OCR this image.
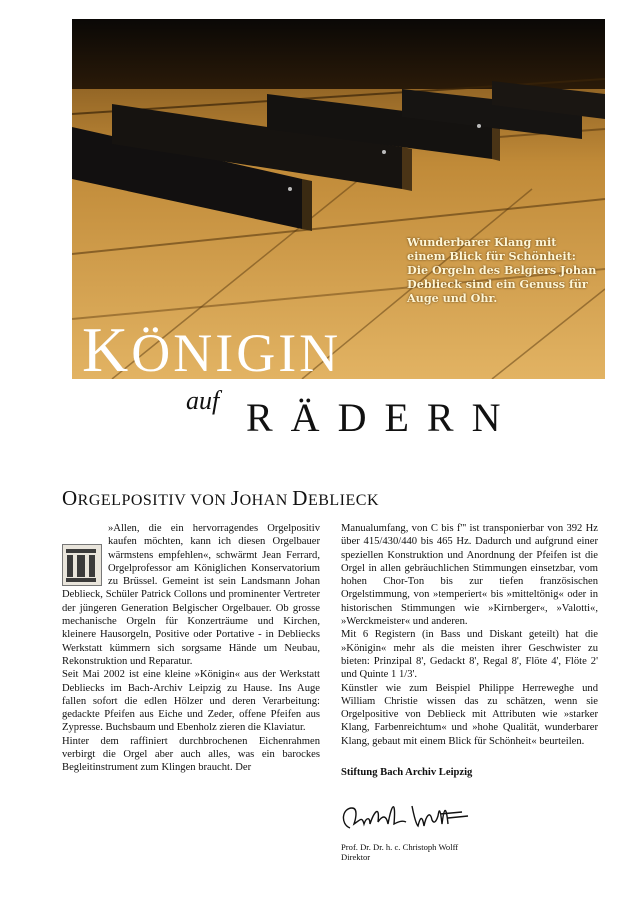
Wunderbarer Klang mit einem Blick für Schönheit: Die Orgeln des Belgiers Johan Deblieck sind ein Genuss für Auge und Ohr.
KÖNIGIN
auf RÄDERN
ORGELPOSITIV VON JOHAN DEBLIECK

»Allen, die ein hervorragendes Orgelpositiv kaufen möchten, kann ich diesen Orgelbauer wärmstens empfehlen«, schwärmt Jean Ferrard, Orgelprofessor am Königlichen Konservatorium zu Brüssel. Gemeint ist sein Landsmann Johan Deblieck, Schüler Patrick Collons und prominenter Vertreter der jüngeren Generation Belgischer Orgelbauer. Ob grosse mechanische Orgeln für Konzerträume und Kirchen, kleinere Hausorgeln, Positive oder Portative - in Debliecks Werkstatt kümmern sich sorgsame Hände um Neubau, Rekonstruktion und Reparatur.

Seit Mai 2002 ist eine kleine »Königin« aus der Werkstatt Debliecks im Bach-Archiv Leipzig zu Hause. Ins Auge fallen sofort die edlen Hölzer und deren Verarbeitung: gedackte Pfeifen aus Eiche und Zeder, offene Pfeifen aus Zypresse. Buchsbaum und Ebenholz zieren die Klaviatur.

Hinter dem raffiniert durchbrochenen Eichenrahmen verbirgt die Orgel aber auch alles, was ein barockes Begleitinstrument zum Klingen braucht. Der

Manualumfang, von C bis f''' ist transponierbar von 392 Hz über 415/430/440 bis 465 Hz. Dadurch und aufgrund einer speziellen Konstruktion und Anordnung der Pfeifen ist die Orgel in allen gebräuchlichen Stimmungen einsetzbar, vom hohen Chor-Ton bis zur tiefen französischen Orgelstimmung, von »temperiert« bis »mitteltönig« oder in historischen Stimmungen wie »Kirnberger«, »Valotti«, »Werckmeister« und anderen.

Mit 6 Registern (in Bass und Diskant geteilt) hat die »Königin« mehr als die meisten ihrer Geschwister zu bieten: Prinzipal 8', Gedackt 8', Regal 8', Flöte 4', Flöte 2' und Quinte 1 1/3'.

Künstler wie zum Beispiel Philippe Herreweghe und William Christie wissen das zu schätzen, wenn sie Orgelpositive von Deblieck mit Attributen wie »starker Klang, Farbenreichtum« und »hohe Qualität, wunderbarer Klang, gebaut mit einem Blick für Schönheit« beurteilen.

Stiftung Bach Archiv Leipzig

Prof. Dr. Dr. h. c. Christoph Wolff
Direktor
